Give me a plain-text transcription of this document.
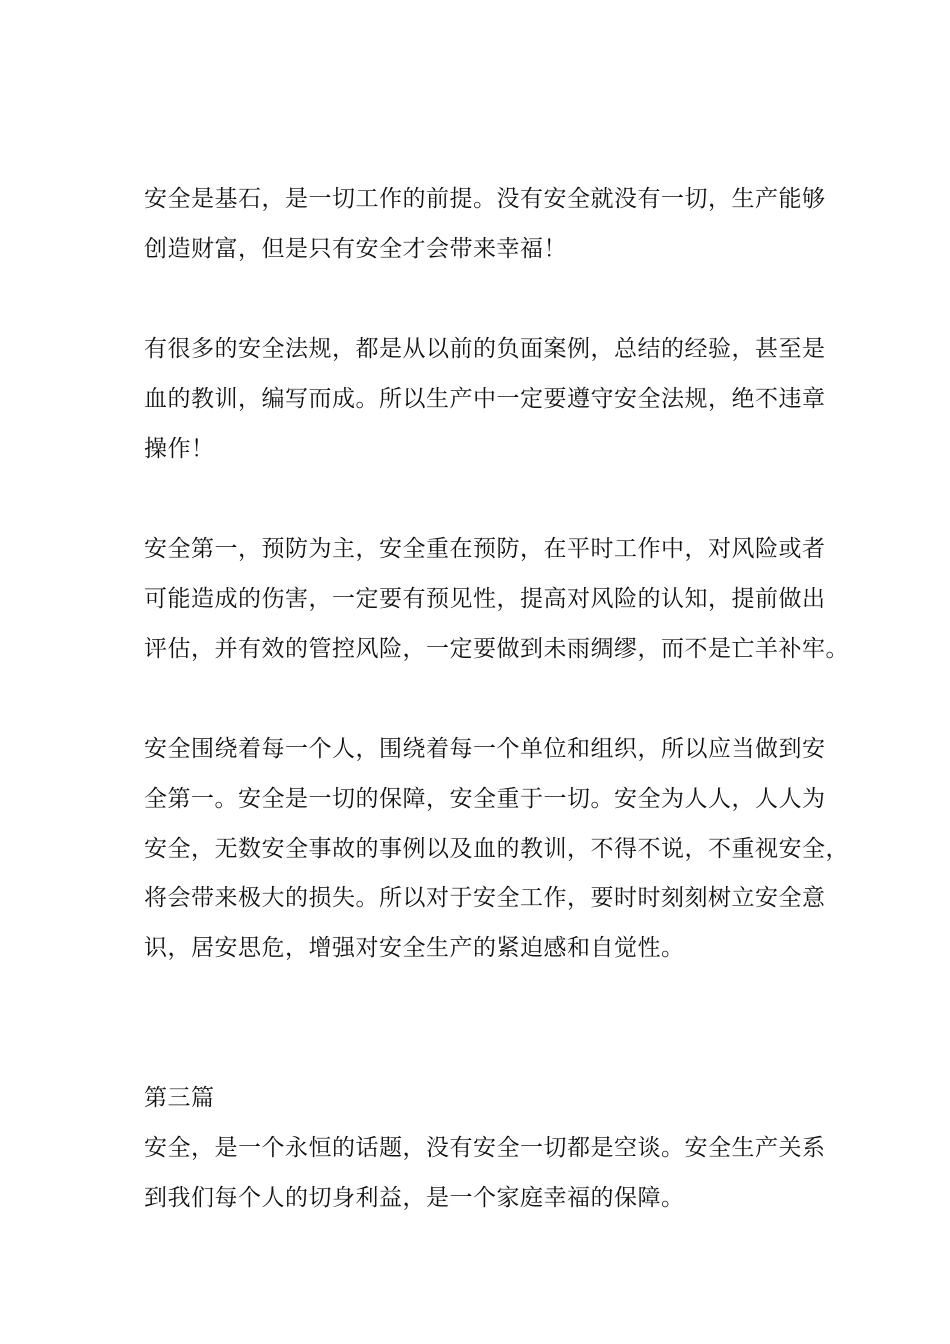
安全是基石，是一切工作的前提。没有安全就没有一切，生产能够
创造财富，但是只有安全才会带来幸福！
有很多的安全法规，都是从以前的负面案例，总结的经验，甚至是
血的教训，编写而成。所以生产中一定要遵守安全法规，绝不违章
操作！
安全第一，预防为主，安全重在预防，在平时工作中，对风险或者
可能造成的伤害，一定要有预见性，提高对风险的认知，提前做出
评估，并有效的管控风险，一定要做到未雨绸缪，而不是亡羊补牢。
安全围绕着每一个人，围绕着每一个单位和组织，所以应当做到安
全第一。安全是一切的保障，安全重于一切。安全为人人，人人为
安全，无数安全事故的事例以及血的教训，不得不说，不重视安全，
将会带来极大的损失。所以对于安全工作，要时时刻刻树立安全意
识，居安思危，增强对安全生产的紧迫感和自觉性。
第三篇
安全，是一个永恒的话题，没有安全一切都是空谈。安全生产关系
到我们每个人的切身利益，是一个家庭幸福的保障。
